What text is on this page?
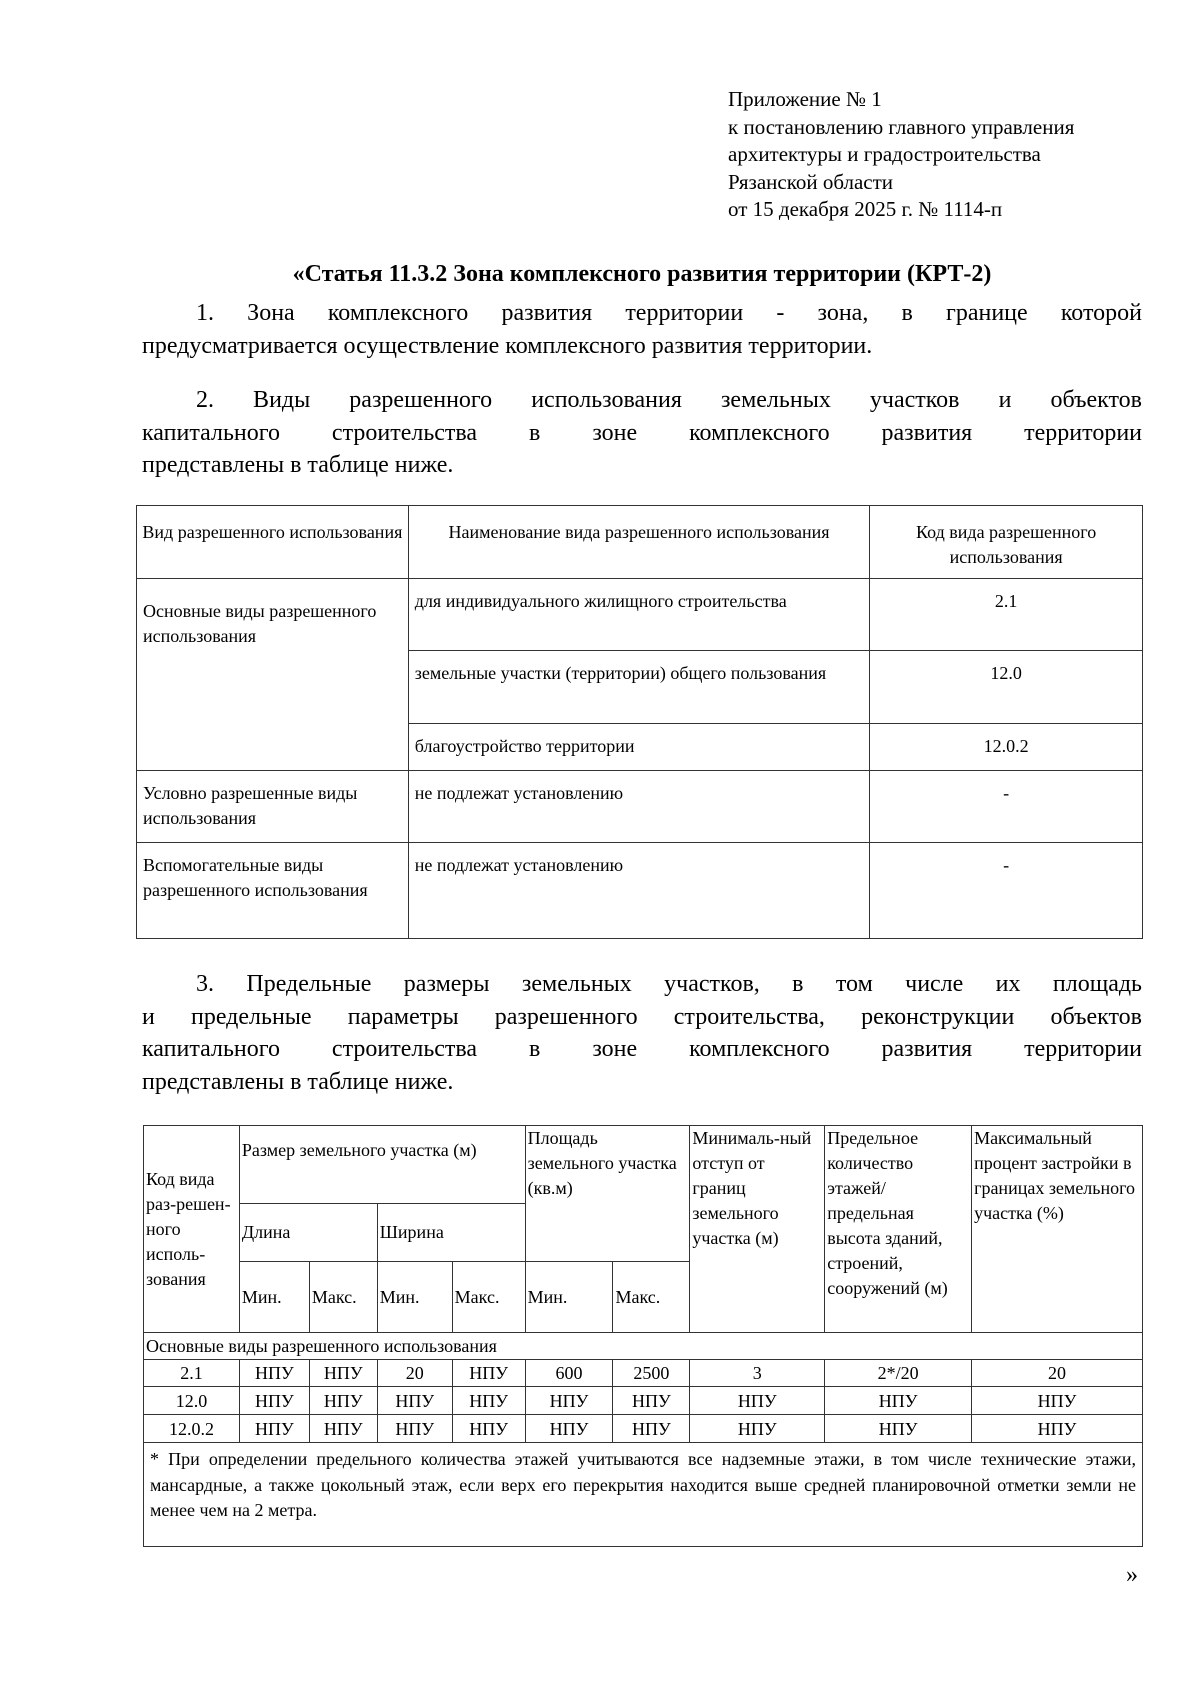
Приложение № 1
к постановлению главного управления
архитектуры и градостроительства
Рязанской области
от 15 декабря 2025 г. № 1114-п
«Статья 11.3.2 Зона комплексного развития территории (КРТ-2)
1. Зона комплексного развития территории - зона, в границе которой
предусматривается осуществление комплексного развития территории.
2. Виды разрешенного использования земельных участков и объектов
капитального строительства в зоне комплексного развития территории
представлены в таблице ниже.
Вид разрешенного использования	Наименование вида разрешенного использования	Код вида разрешенного использования
Основные виды разрешенного использования	для индивидуального жилищного строительства	2.1
	земельные участки (территории) общего пользования	12.0
	благоустройство территории	12.0.2
Условно разрешенные виды использования	не подлежат установлению	-
Вспомогательные виды разрешенного использования	не подлежат установлению	-
3. Предельные размеры земельных участков, в том числе их площадь
и предельные параметры разрешенного строительства, реконструкции объектов
капитального строительства в зоне комплексного развития территории
представлены в таблице ниже.
Код вида раз-решен-ного исполь-зования	Размер земельного участка (м)				Площадь земельного участка (кв.м)		Минималь-ный отступ от границ земельного участка (м)	Предельное количество этажей/ предельная высота зданий, строений, сооружений (м)	Максимальный процент застройки в границах земельного участка (%)
	Длина		Ширина						
	Мин.	Макс.	Мин.	Макс.	Мин.	Макс.			
Основные виды разрешенного использования									
2.1	НПУ	НПУ	20	НПУ	600	2500	3	2*/20	20
12.0	НПУ	НПУ	НПУ	НПУ	НПУ	НПУ	НПУ	НПУ	НПУ
12.0.2	НПУ	НПУ	НПУ	НПУ	НПУ	НПУ	НПУ	НПУ	НПУ
* При определении предельного количества этажей учитываются все надземные этажи, в том числе технические этажи, мансардные, а также цокольный этаж, если верх его перекрытия находится выше средней планировочной отметки земли не менее чем на 2 метра.									
»
